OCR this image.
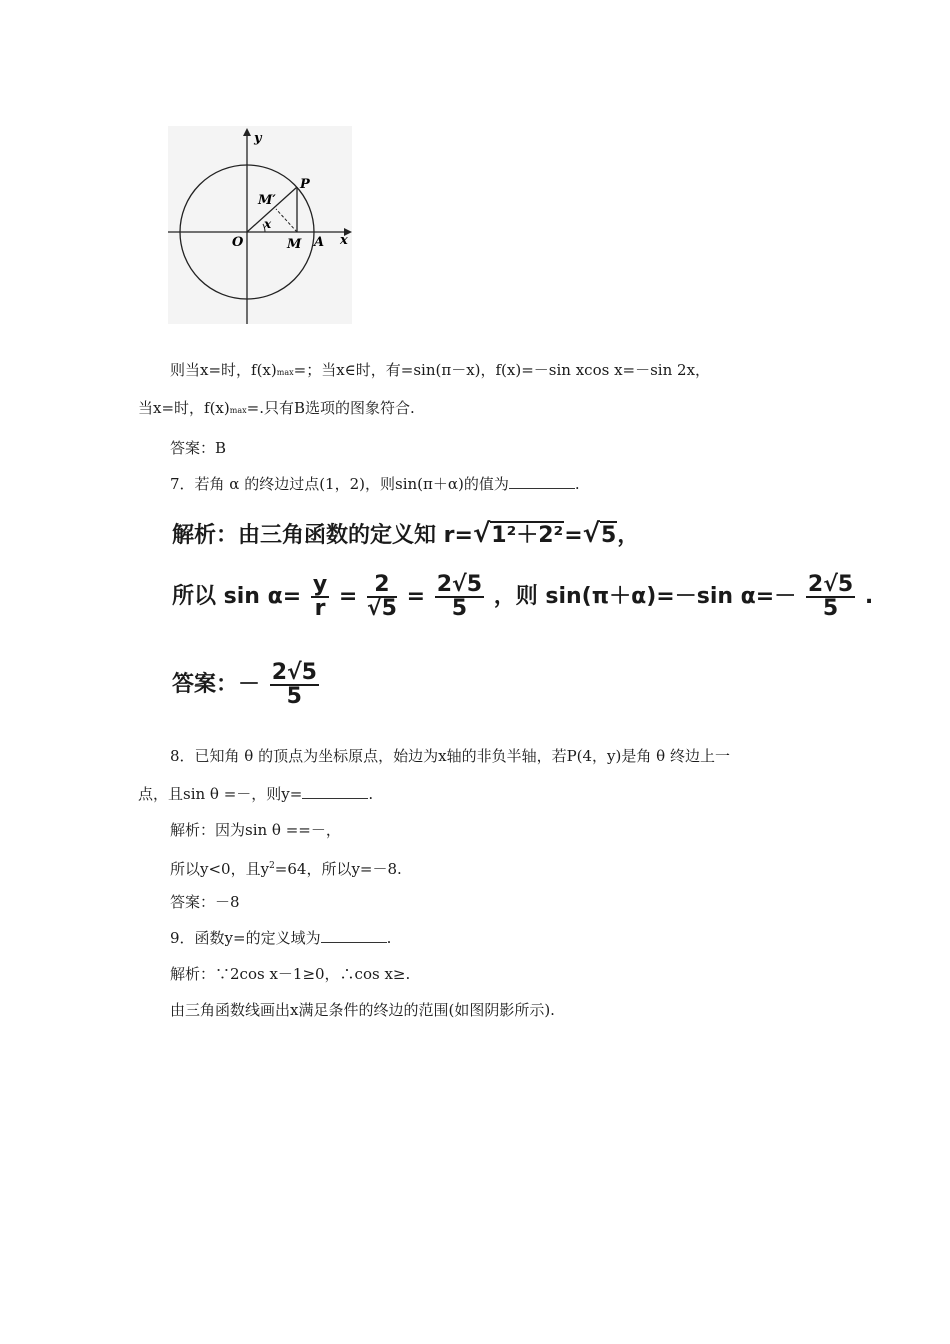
y
x
P
M′
x
O	M A
则当x=时，f(x)max=；当x∈时，有=sin(π－x)，f(x)=－sin xcos x=－sin 2x，
当x=时，f(x)max=.只有B选项的图象符合.
答案：B
7．若角 α 的终边过点(1，2)，则sin(π＋α)的值为	.
解析：由三角函数的定义知 r=√1²＋2²=√5，
所以 $\sin \alpha= \frac{y}{r} = \frac{2}{√5} = \frac{2√5}{5}$ ，则 sin(π＋α)=－sin $\alpha=- \frac{2√5}{5}$ .
答案：－ $\frac{2√5}{5}$
8．已知角 θ 的顶点为坐标原点，始边为x轴的非负半轴，若P(4，y)是角 θ 终边上一
点，且sin θ =－，则y=	.
解析：因为sin θ ==－，
所以y<0，且$y^2=64$，所以y=－8.
答案：－8
9．函数y=的定义域为	.
解析：∵2cos x－1≥0，∴cos x≥.
由三角函数线画出x满足条件的终边的范围(如图阴影所示).
